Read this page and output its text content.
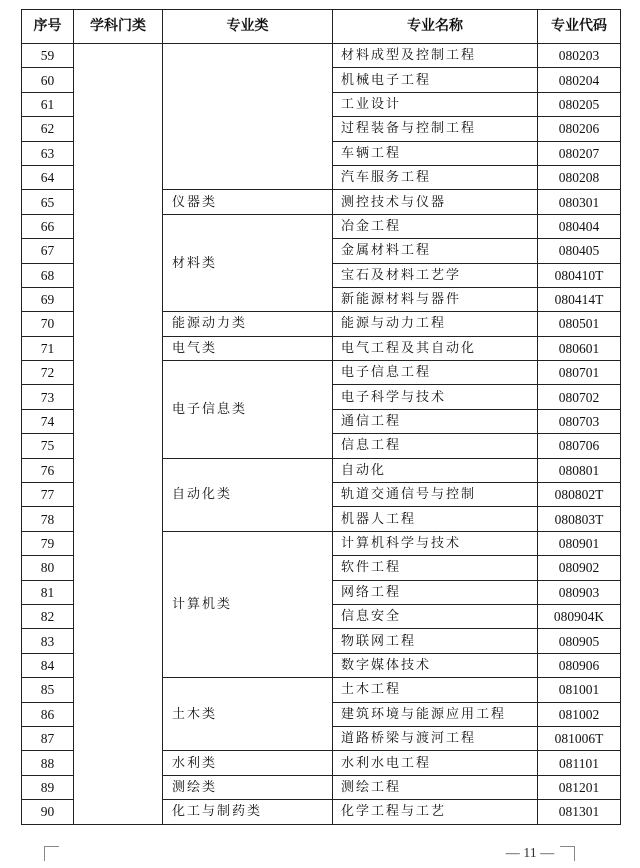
序号	学科门类	专业类	专业名称	专业代码
59			材料成型及控制工程	080203
60			机械电子工程	080204
61			工业设计	080205
62			过程装备与控制工程	080206
63			车辆工程	080207
64			汽车服务工程	080208
65		仪器类	测控技术与仪器	080301
66		材料类	冶金工程	080404
67			金属材料工程	080405
68			宝石及材料工艺学	080410T
69			新能源材料与器件	080414T
70		能源动力类	能源与动力工程	080501
71		电气类	电气工程及其自动化	080601
72		电子信息类	电子信息工程	080701
73			电子科学与技术	080702
74			通信工程	080703
75			信息工程	080706
76		自动化类	自动化	080801
77			轨道交通信号与控制	080802T
78			机器人工程	080803T
79		计算机类	计算机科学与技术	080901
80			软件工程	080902
81			网络工程	080903
82			信息安全	080904K
83			物联网工程	080905
84			数字媒体技术	080906
85		土木类	土木工程	081001
86			建筑环境与能源应用工程	081002
87			道路桥梁与渡河工程	081006T
88		水利类	水利水电工程	081101
89		测绘类	测绘工程	081201
90		化工与制药类	化学工程与工艺	081301
— 11 —
